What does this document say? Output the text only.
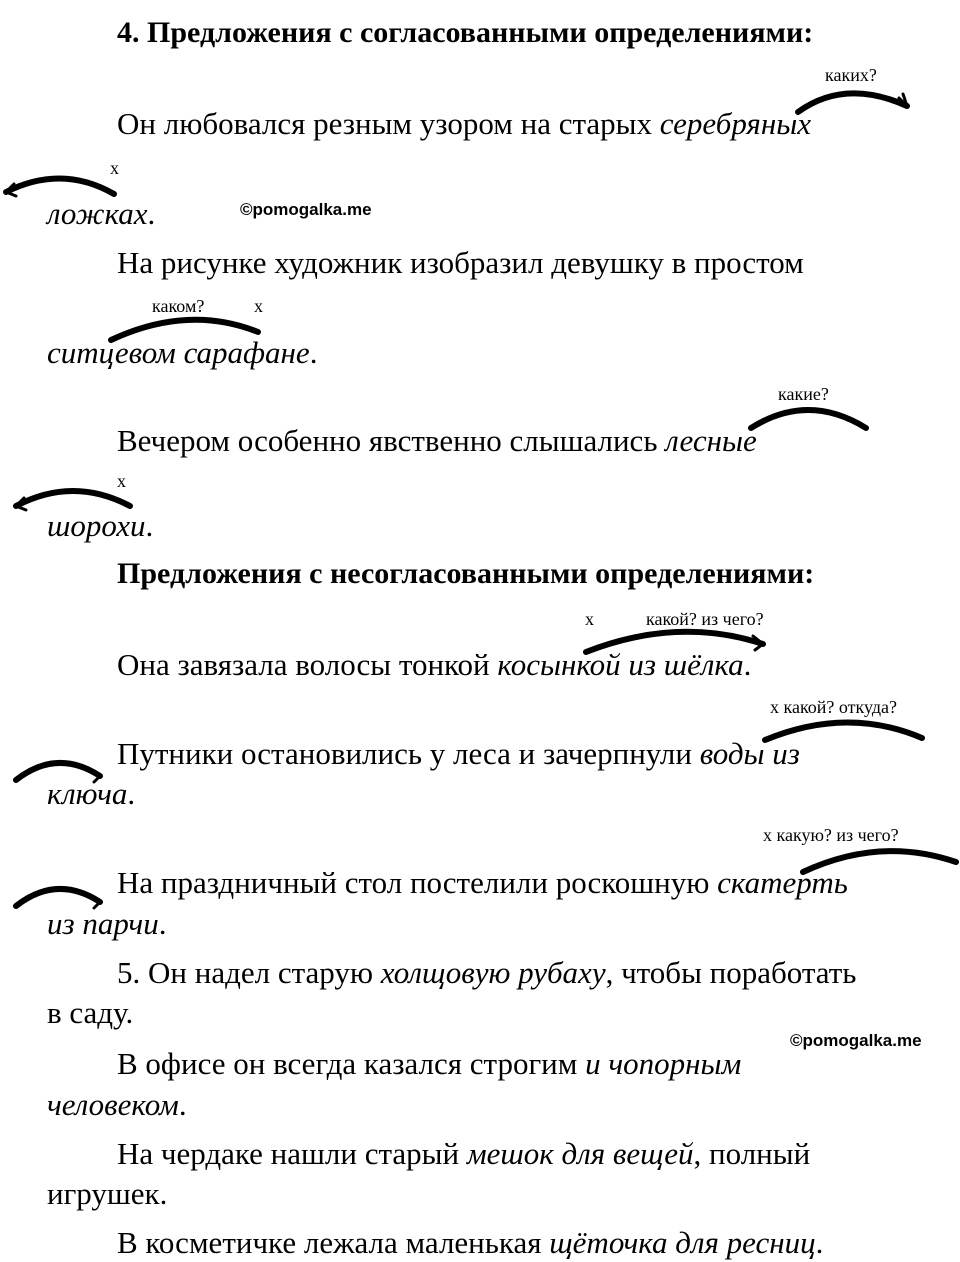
4. Предложения с согласованными определениями:
каких?
Он любовался резным узором на старых серебряных
х
ложках.	©pomogalka.me
На рисунке художник изобразил девушку в простом
каком?	х
ситцевом сарафане.
какие?
Вечером особенно явственно слышались лесные
х
шорохи.
Предложения с несогласованными определениями:
х	какой? из чего?
Она завязала волосы тонкой косынкой из шёлка.
х какой? откуда?
Путники остановились у леса и зачерпнули воды из
ключа.
х какую? из чего?
На праздничный стол постелили роскошную скатерть
из парчи.
5. Он надел старую холщовую рубаху, чтобы поработать
в саду.
©pomogalka.me
В офисе он всегда казался строгим и чопорным
человеком.
На чердаке нашли старый мешок для вещей, полный
игрушек.
В косметичке лежала маленькая щёточка для ресниц.
